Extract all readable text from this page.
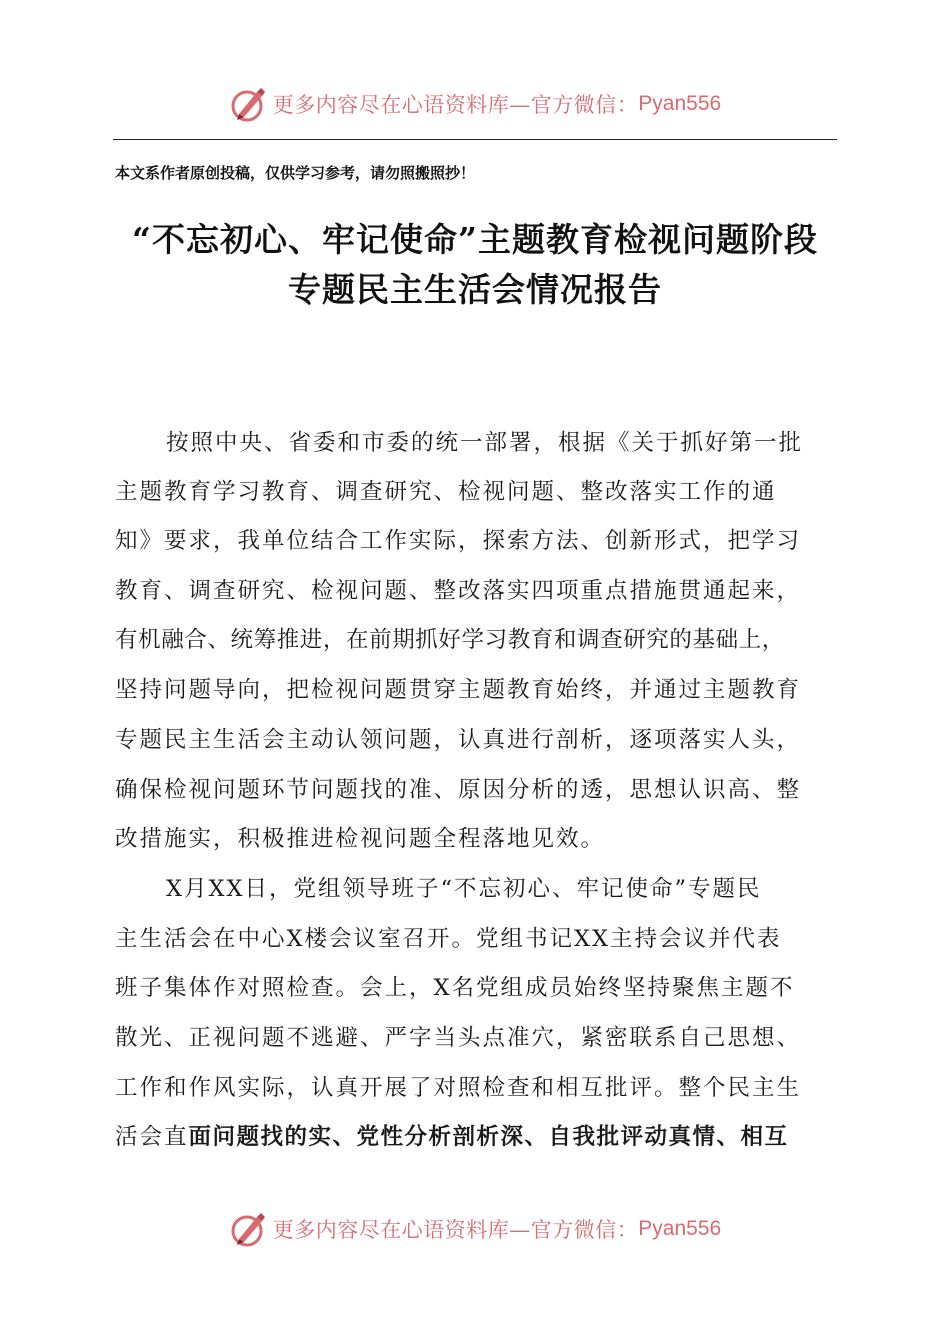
更多内容尽在心语资料库—官方微信： Pyan556
本文系作者原创投稿，仅供学习参考，请勿照搬照抄！
“不忘初心、牢记使命”主题教育检视问题阶段
专题民主生活会情况报告
按照中央、省委和市委的统一部署，根据《关于抓好第一批
主题教育学习教育、调查研究、检视问题、整改落实工作的通
知》要求，我单位结合工作实际，探索方法、创新形式，把学习
教育、调查研究、检视问题、整改落实四项重点措施贯通起来，
有机融合、统筹推进，在前期抓好学习教育和调查研究的基础上，
坚持问题导向，把检视问题贯穿主题教育始终，并通过主题教育
专题民主生活会主动认领问题，认真进行剖析，逐项落实人头，
确保检视问题环节问题找的准、原因分析的透，思想认识高、整
改措施实，积极推进检视问题全程落地见效。
X月XX日，党组领导班子“不忘初心、牢记使命”专题民
主生活会在中心X楼会议室召开。党组书记XX主持会议并代表
班子集体作对照检查。会上，X名党组成员始终坚持聚焦主题不
散光、正视问题不逃避、严字当头点准穴，紧密联系自己思想、
工作和作风实际，认真开展了对照检查和相互批评。整个民主生
活会直面问题找的实、党性分析剖析深、自我批评动真情、相互
更多内容尽在心语资料库—官方微信： Pyan556
